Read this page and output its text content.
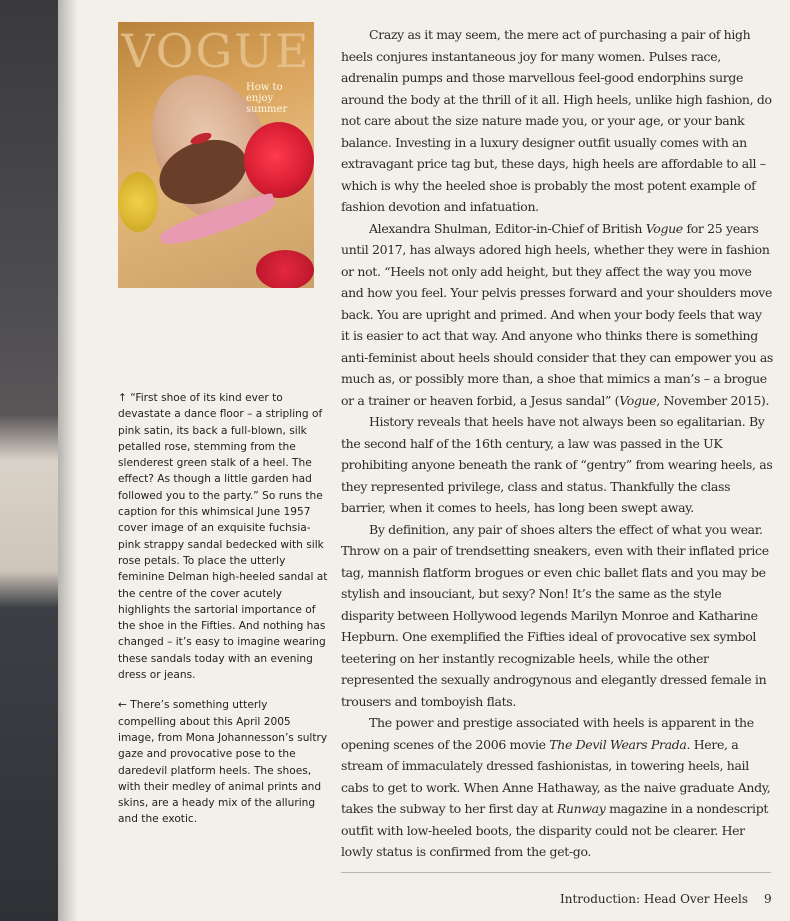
VOGUE
How to enjoy summer

↑ “First shoe of its kind ever to devastate a dance floor – a stripling of pink satin, its back a full-blown, silk petalled rose, stemming from the slenderest green stalk of a heel. The effect? As though a little garden had followed you to the party.” So runs the caption for this whimsical June 1957 cover image of an exquisite fuchsia-pink strappy sandal bedecked with silk rose petals. To place the utterly feminine Delman high-heeled sandal at the centre of the cover acutely highlights the sartorial importance of the shoe in the Fifties. And nothing has changed – it’s easy to imagine wearing these sandals today with an evening dress or jeans.

← There’s something utterly compelling about this April 2005 image, from Mona Johannesson’s sultry gaze and provocative pose to the daredevil platform heels. The shoes, with their medley of animal prints and skins, are a heady mix of the alluring and the exotic.

Crazy as it may seem, the mere act of purchasing a pair of high heels conjures instantaneous joy for many women. Pulses race, adrenalin pumps and those marvellous feel-good endorphins surge around the body at the thrill of it all. High heels, unlike high fashion, do not care about the size nature made you, or your age, or your bank balance. Investing in a luxury designer outfit usually comes with an extravagant price tag but, these days, high heels are affordable to all – which is why the heeled shoe is probably the most potent example of fashion devotion and infatuation.

Alexandra Shulman, Editor-in-Chief of British Vogue for 25 years until 2017, has always adored high heels, whether they were in fashion or not. “Heels not only add height, but they affect the way you move and how you feel. Your pelvis presses forward and your shoulders move back. You are upright and primed. And when your body feels that way it is easier to act that way. And anyone who thinks there is something anti-feminist about heels should consider that they can empower you as much as, or possibly more than, a shoe that mimics a man’s – a brogue or a trainer or heaven forbid, a Jesus sandal” (Vogue, November 2015).

History reveals that heels have not always been so egalitarian. By the second half of the 16th century, a law was passed in the UK prohibiting anyone beneath the rank of “gentry” from wearing heels, as they represented privilege, class and status. Thankfully the class barrier, when it comes to heels, has long been swept away.

By definition, any pair of shoes alters the effect of what you wear. Throw on a pair of trendsetting sneakers, even with their inflated price tag, mannish flatform brogues or even chic ballet flats and you may be stylish and insouciant, but sexy? Non! It’s the same as the style disparity between Hollywood legends Marilyn Monroe and Katharine Hepburn. One exemplified the Fifties ideal of provocative sex symbol teetering on her instantly recognizable heels, while the other represented the sexually androgynous and elegantly dressed female in trousers and tomboyish flats.

The power and prestige associated with heels is apparent in the opening scenes of the 2006 movie The Devil Wears Prada. Here, a stream of immaculately dressed fashionistas, in towering heels, hail cabs to get to work. When Anne Hathaway, as the naive graduate Andy, takes the subway to her first day at Runway magazine in a nondescript outfit with low-heeled boots, the disparity could not be clearer. Her lowly status is confirmed from the get-go.

Introduction: Head Over Heels 9
